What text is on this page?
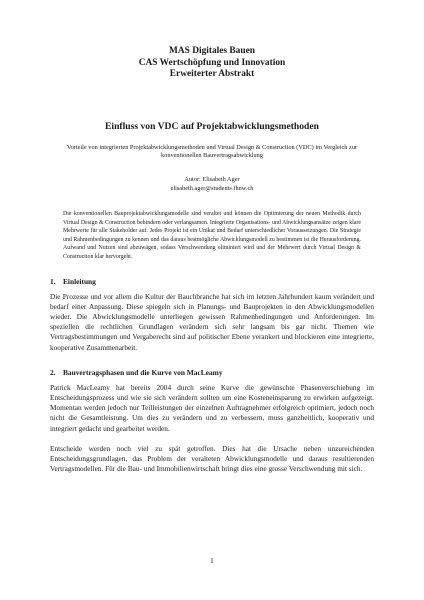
MAS Digitales Bauen
CAS Wertschöpfung und Innovation
Erweiterter Abstrakt
Einfluss von VDC auf Projektabwicklungsmethoden
Vorteile von integrierten Projektabwicklungsmethoden und Virtual Design & Construction (VDC) im Vergleich zur konventionellen Bauvertragsabwicklung
Autor: Elisabeth Ager
elisabeth.ager@students.fhnw.ch
Die konventionellen Bauprojektabwicklungsmodelle sind veraltet und können die Optimierung der neuen Methodik durch Virtual Design & Construction behindern oder verlangsamen. Integrierte Organisations- und Abwicklungsansätze zeigen klare Mehrwerte für alle Stakeholder auf. Jedes Projekt ist ein Unikat und Bedarf unterschiedlicher Voraussetzungen. Die Strategie und Rahmenbedingungen zu kennen und das daraus bestmögliche Abwicklungsmodell zu bestimmen ist die Herausforderung. Aufwand und Nutzen sind abzuwägen, sodass Verschwendung eliminiert wird und der Mehrwert durch Virtual Design & Construction klar hervorgeht.
1. Einleitung

Die Prozesse und vor allem die Kultur der Bauchbranche hat sich im letzten Jahrhundert kaum verändert und bedarf einer Anpassung. Diese spiegeln sich in Planungs- und Bauprojekten in den Abwicklungsmodellen wieder. Die Abwicklungsmodelle unterliegen gewissen Rahmenbedingungen und Anforderungen. Im speziellen die rechtlichen Grundlagen verändern sich sehr langsam bis gar nicht. Themen wie Vertragsbestimmungen und Vergaberecht sind auf politischer Ebene verankert und blockieren eine integrierte, kooperative Zusammenarbeit.

2. Bauvertragsphasen und die Kurve von MacLeamy

Patrick MacLeamy hat bereits 2004 durch seine Kurve die gewünschte Phasenverschiebung im Entscheidungsprozess und wie sie sich verändern sollten um eine Kosteneinsparung zu erwirken aufgezeigt. Momentan werden jedoch nur Teilleistungen der einzelnen Auftragnehmer erfolgreich optimiert, jedoch noch nicht die Gesamtleistung. Um dies zu verändern und zu verbessern, muss ganzheitlich, kooperativ und integriert gedacht und gearbeitet werden.

Entscheide werden noch viel zu spät getroffen. Dies hat die Ursache neben unzureichenden Entscheidungsgrundlagen, das Problem der veralteten Abwicklungsmodelle und daraus resultierenden Vertragsmodellen. Für die Bau- und Immobilienwirtschaft bringt dies eine grosse Verschwendung mit sich.

1
